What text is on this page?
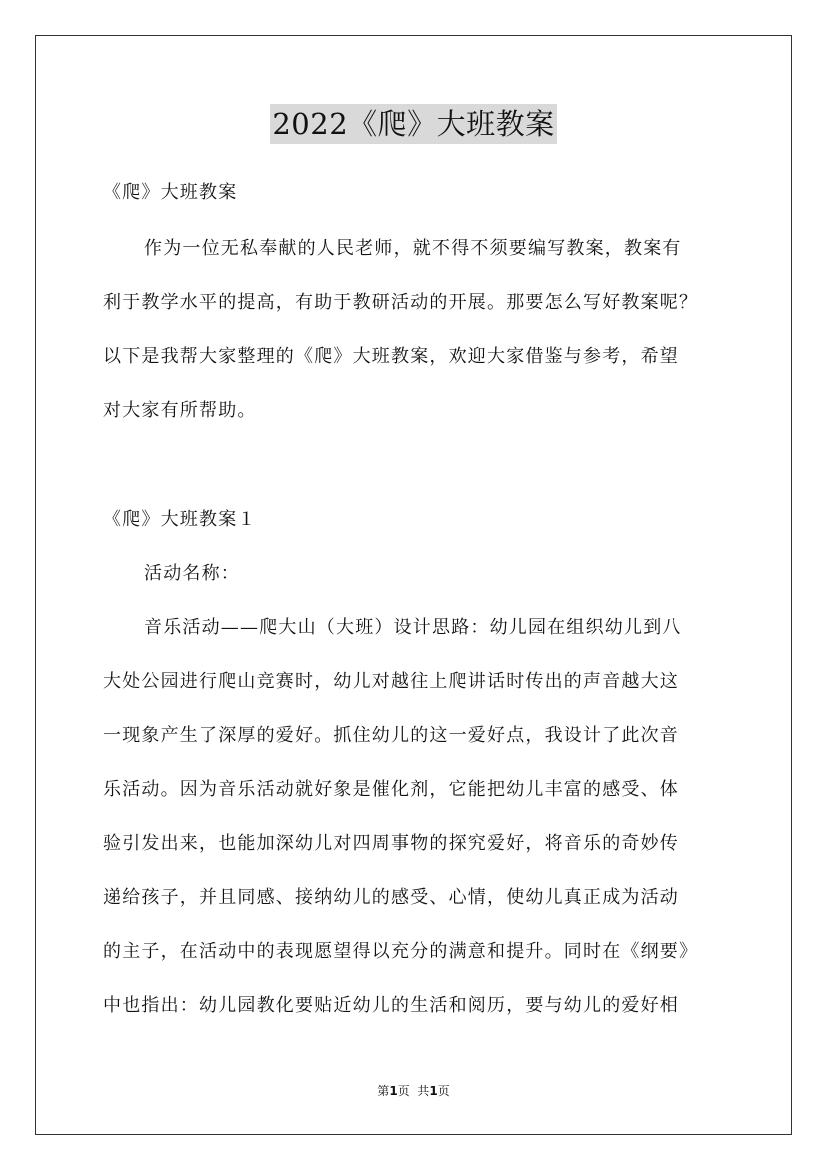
2022《爬》大班教案
《爬》大班教案
作为一位无私奉献的人民老师，就不得不须要编写教案，教案有
利于教学水平的提高，有助于教研活动的开展。那要怎么写好教案呢？
以下是我帮大家整理的《爬》大班教案，欢迎大家借鉴与参考，希望
对大家有所帮助。
《爬》大班教案１
活动名称：
音乐活动——爬大山（大班）设计思路：幼儿园在组织幼儿到八
大处公园进行爬山竞赛时，幼儿对越往上爬讲话时传出的声音越大这
一现象产生了深厚的爱好。抓住幼儿的这一爱好点，我设计了此次音
乐活动。因为音乐活动就好象是催化剂，它能把幼儿丰富的感受、体
验引发出来，也能加深幼儿对四周事物的探究爱好，将音乐的奇妙传
递给孩子，并且同感、接纳幼儿的感受、心情，使幼儿真正成为活动
的主子，在活动中的表现愿望得以充分的满意和提升。同时在《纲要》
中也指出：幼儿园教化要贴近幼儿的生活和阅历，要与幼儿的爱好相
第1页  共1页
